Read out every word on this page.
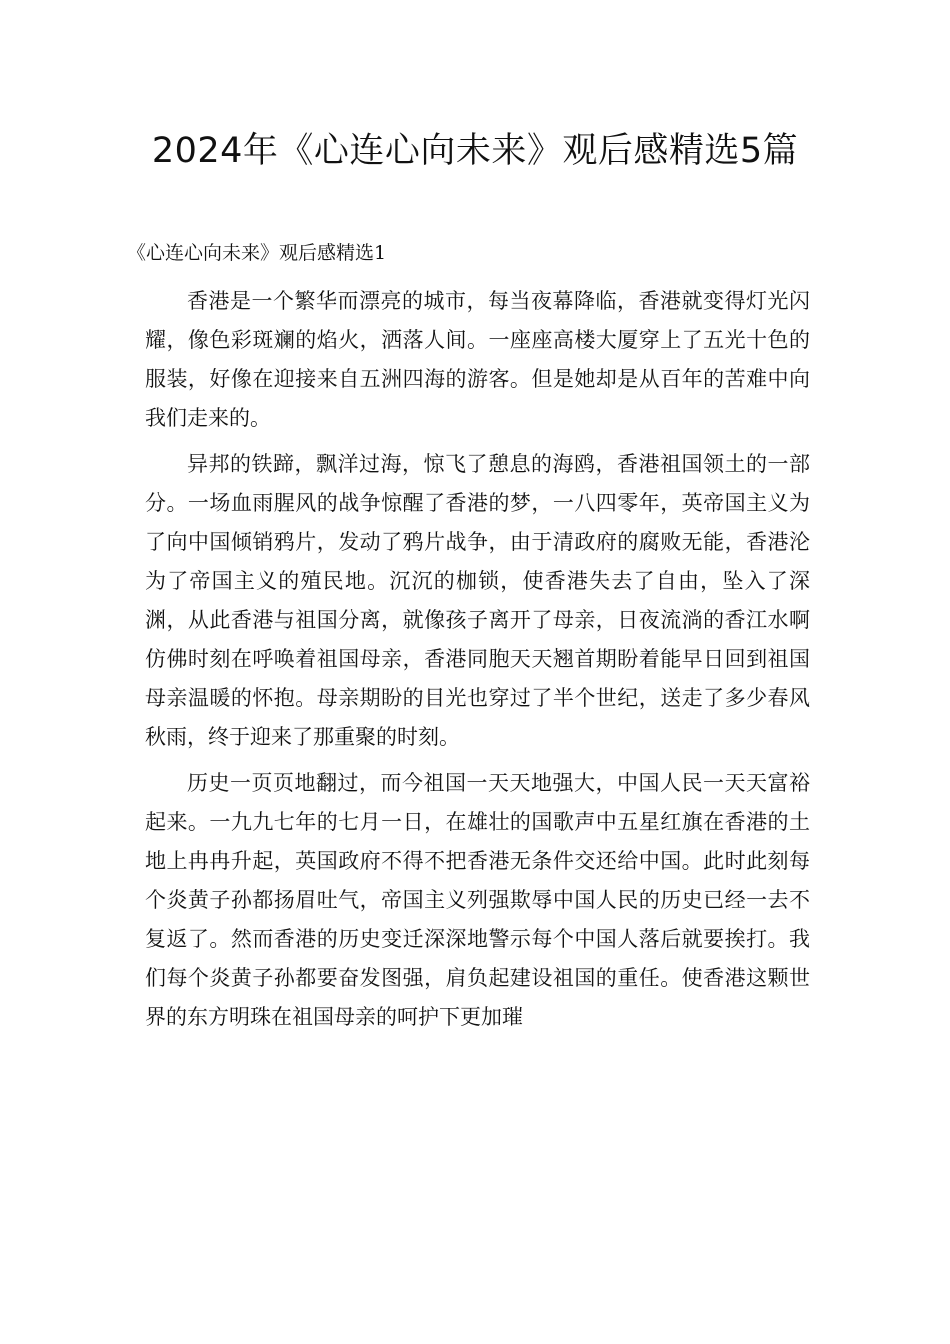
2024年《心连心向未来》观后感精选5篇

《心连心向未来》观后感精选1

香港是一个繁华而漂亮的城市，每当夜幕降临，香港就变得灯光闪耀，像色彩斑斓的焰火，洒落人间。一座座高楼大厦穿上了五光十色的服装，好像在迎接来自五洲四海的游客。但是她却是从百年的苦难中向我们走来的。

异邦的铁蹄，飘洋过海，惊飞了憩息的海鸥，香港祖国领土的一部分。一场血雨腥风的战争惊醒了香港的梦，一八四零年，英帝国主义为了向中国倾销鸦片，发动了鸦片战争，由于清政府的腐败无能，香港沦为了帝国主义的殖民地。沉沉的枷锁，使香港失去了自由，坠入了深渊，从此香港与祖国分离，就像孩子离开了母亲，日夜流淌的香江水啊仿佛时刻在呼唤着祖国母亲，香港同胞天天翘首期盼着能早日回到祖国母亲温暖的怀抱。母亲期盼的目光也穿过了半个世纪，送走了多少春风秋雨，终于迎来了那重聚的时刻。

历史一页页地翻过，而今祖国一天天地强大，中国人民一天天富裕起来。一九九七年的七月一日，在雄壮的国歌声中五星红旗在香港的土地上冉冉升起，英国政府不得不把香港无条件交还给中国。此时此刻每个炎黄子孙都扬眉吐气，帝国主义列强欺辱中国人民的历史已经一去不复返了。然而香港的历史变迁深深地警示每个中国人落后就要挨打。我们每个炎黄子孙都要奋发图强，肩负起建设祖国的重任。使香港这颗世界的东方明珠在祖国母亲的呵护下更加璀
